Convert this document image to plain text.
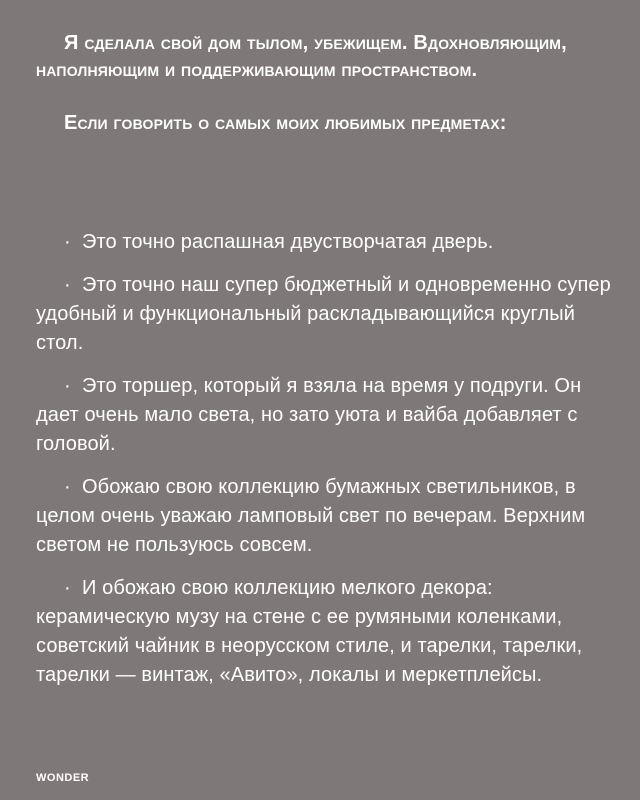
Я сделала свой дом тылом, убежищем. Вдохновляющим, наполняющим и поддерживающим пространством.

Если говорить о самых моих любимых предметах:

· Это точно распашная двустворчатая дверь.
· Это точно наш супер бюджетный и одновременно супер удобный и функциональный раскладывающийся круглый стол.
· Это торшер, который я взяла на время у подруги. Он дает очень мало света, но зато уюта и вайба добавляет с головой.
· Обожаю свою коллекцию бумажных светильников, в целом очень уважаю ламповый свет по вечерам. Верхним светом не пользуюсь совсем.
· И обожаю свою коллекцию мелкого декора: керамическую музу на стене с ее румяными коленками, советский чайник в неорусском стиле, и тарелки, тарелки, тарелки — винтаж, «Авито», локалы и меркетплейсы.
WONDER
